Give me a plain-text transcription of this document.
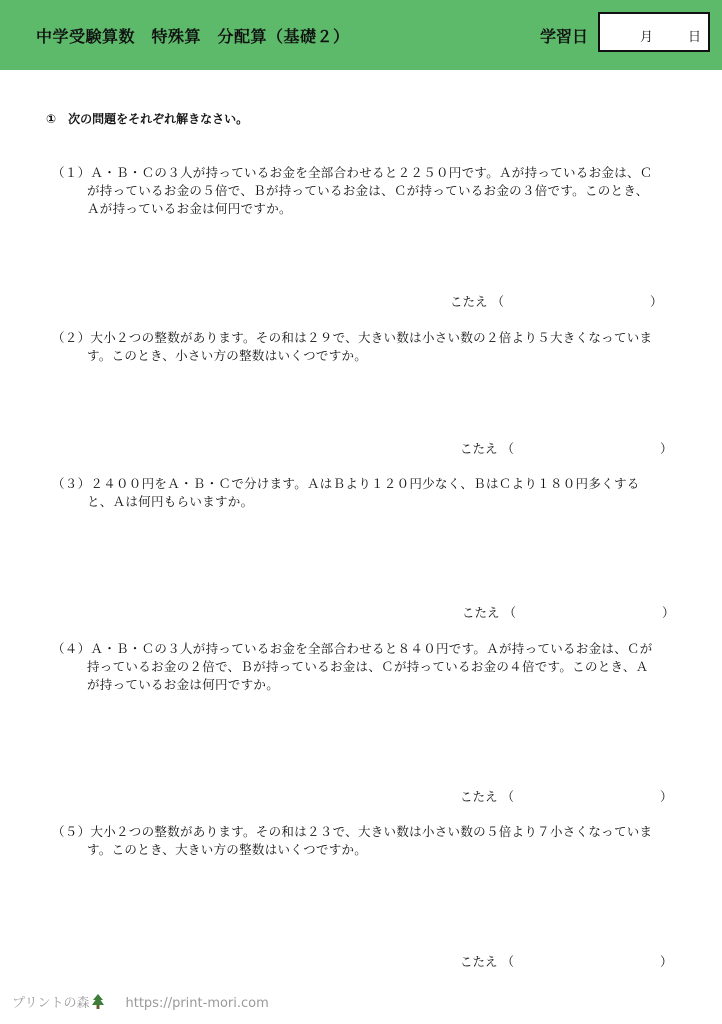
中学受験算数　特殊算　分配算（基礎２）	学習日	月	日
①　次の問題をそれぞれ解きなさい。
（１）Ａ・Ｂ・Ｃの３人が持っているお金を全部合わせると２２５０円です。Ａが持っているお金は、Ｃ
が持っているお金の５倍で、Ｂが持っているお金は、Ｃが持っているお金の３倍です。このとき、
Ａが持っているお金は何円ですか。
こたえ （	）
（２）大小２つの整数があります。その和は２９で、大きい数は小さい数の２倍より５大きくなっていま
す。このとき、小さい方の整数はいくつですか。
こたえ （	）
（３）２４００円をＡ・Ｂ・Ｃで分けます。ＡはＢより１２０円少なく、ＢはＣより１８０円多くする
と、Ａは何円もらいますか。
こたえ （	）
（４）Ａ・Ｂ・Ｃの３人が持っているお金を全部合わせると８４０円です。Ａが持っているお金は、Ｃが
持っているお金の２倍で、Ｂが持っているお金は、Ｃが持っているお金の４倍です。このとき、Ａ
が持っているお金は何円ですか。
こたえ （	）
（５）大小２つの整数があります。その和は２３で、大きい数は小さい数の５倍より７小さくなっていま
す。このとき、大きい方の整数はいくつですか。
こたえ （	）
プリントの森	https://print-mori.com
